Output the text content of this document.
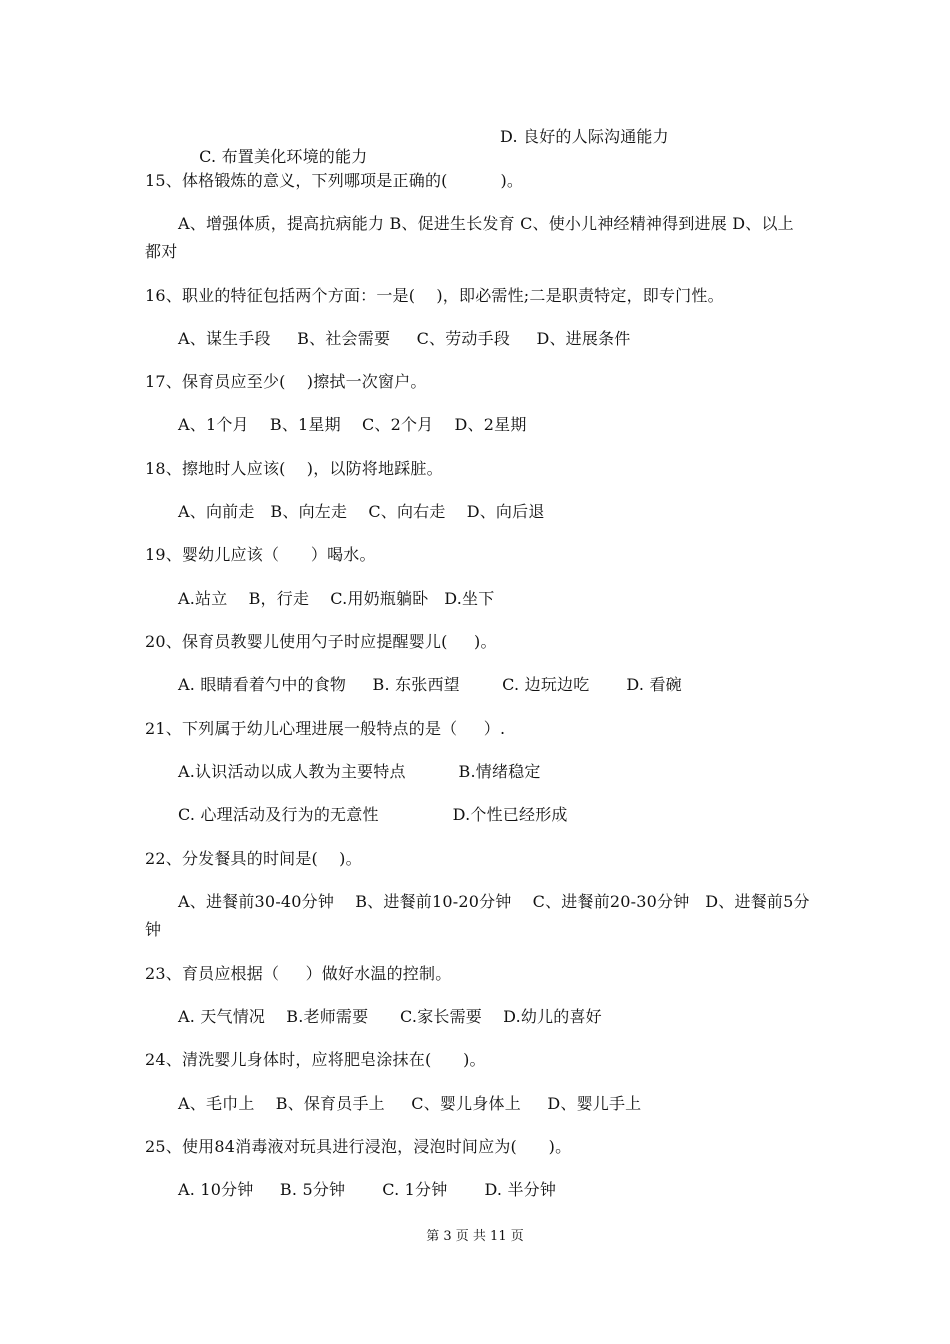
C. 布置美化环境的能力

D. 良好的人际沟通能力

15、体格锻炼的意义，下列哪项是正确的(          )。
A、增强体质，提高抗病能力 B、促进生长发育 C、使小儿神经精神得到进展 D、以上
都对
16、职业的特征包括两个方面：一是(    )，即必需性;二是职责特定，即专门性。
A、谋生手段     B、社会需要     C、劳动手段     D、进展条件
17、保育员应至少(    )擦拭一次窗户。
A、1个月    B、1星期    C、2个月    D、2星期
18、擦地时人应该(    )，以防将地踩脏。
A、向前走   B、向左走    C、向右走    D、向后退
19、婴幼儿应该（      ）喝水。
A.站立    B，行走    C.用奶瓶躺卧   D.坐下
20、保育员教婴儿使用勺子时应提醒婴儿(     )。
A. 眼睛看着勺中的食物     B. 东张西望        C. 边玩边吃       D. 看碗
21、下列属于幼儿心理进展一般特点的是（     ）.
A.认识活动以成人教为主要特点          B.情绪稳定
C. 心理活动及行为的无意性              D.个性已经形成
22、分发餐具的时间是(    )。
A、进餐前30-40分钟    B、进餐前10-20分钟    C、进餐前20-30分钟   D、进餐前5分
钟
23、育员应根据（     ）做好水温的控制。
A. 天气情况    B.老师需要      C.家长需要    D.幼儿的喜好
24、清洗婴儿身体时，应将肥皂涂抹在(      )。
A、毛巾上    B、保育员手上     C、婴儿身体上     D、婴儿手上
25、使用84消毒液对玩具进行浸泡，浸泡时间应为(      )。
A. 10分钟     B. 5分钟       C. 1分钟       D. 半分钟
第 3 页 共 11 页
